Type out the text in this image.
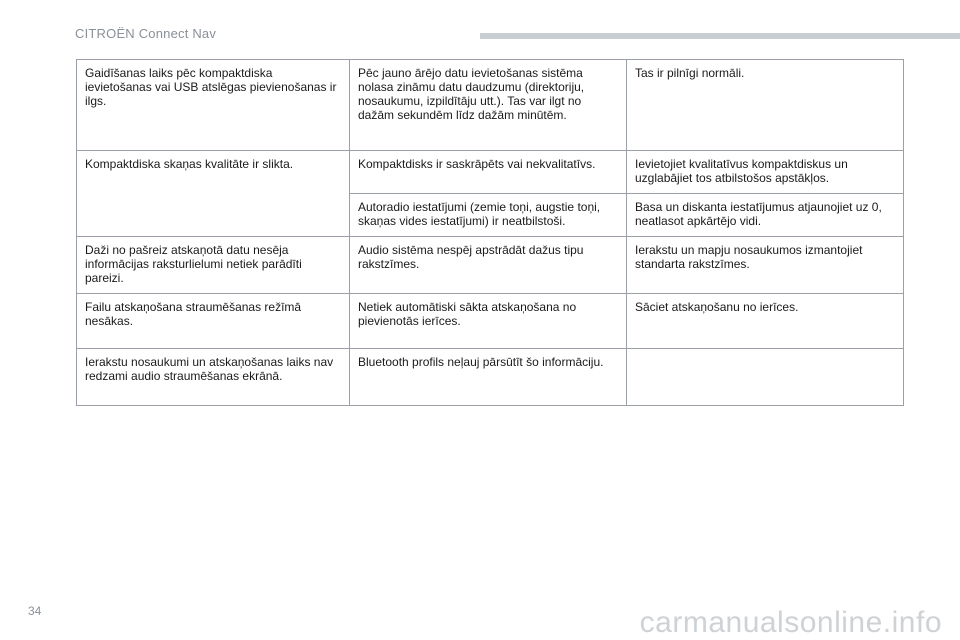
CITROËN Connect Nav
Gaidīšanas laiks pēc kompaktdiska ievietošanas vai USB atslēgas pievienošanas ir ilgs.	Pēc jauno ārējo datu ievietošanas sistēma nolasa zināmu datu daudzumu (direktoriju, nosaukumu, izpildītāju utt.). Tas var ilgt no dažām sekundēm līdz dažām minūtēm.	Tas ir pilnīgi normāli.
Kompaktdiska skaņas kvalitāte ir slikta.	Kompaktdisks ir saskrāpēts vai nekvalitatīvs.	Ievietojiet kvalitatīvus kompaktdiskus un uzglabājiet tos atbilstošos apstākļos.
	Autoradio iestatījumi (zemie toņi, augstie toņi, skaņas vides iestatījumi) ir neatbilstoši.	Basa un diskanta iestatījumus atjaunojiet uz 0, neatlasot apkārtējo vidi.
Daži no pašreiz atskaņotā datu nesēja informācijas raksturlielumi netiek parādīti pareizi.	Audio sistēma nespēj apstrādāt dažus tipu rakstzīmes.	Ierakstu un mapju nosaukumos izmantojiet standarta rakstzīmes.
Failu atskaņošana straumēšanas režīmā nesākas.	Netiek automātiski sākta atskaņošana no pievienotās ierīces.	Sāciet atskaņošanu no ierīces.
Ierakstu nosaukumi un atskaņošanas laiks nav redzami audio straumēšanas ekrānā.	Bluetooth profils neļauj pārsūtīt šo informāciju.	
34	carmanualsonline.info
